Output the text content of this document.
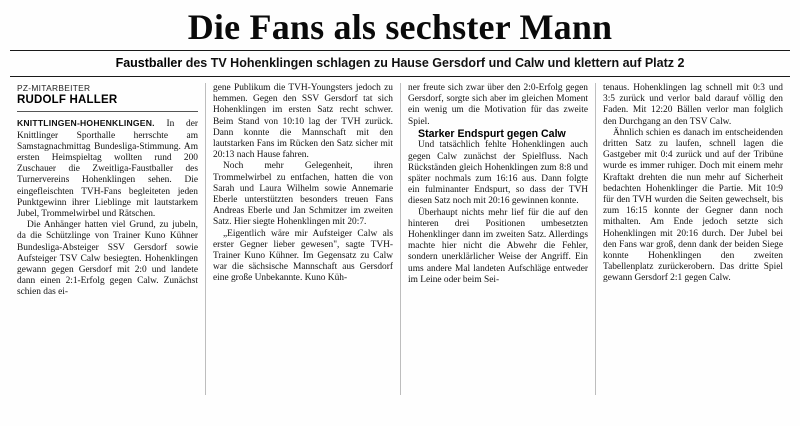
Die Fans als sechster Mann
Faustballer des TV Hohenklingen schlagen zu Hause Gersdorf und Calw und klettern auf Platz 2
PZ-MITARBEITER
RUDOLF HALLER

KNITTLINGEN-HOHENKLINGEN. In der Knittlinger Sporthalle herrschte am Samstagnachmittag Bundesliga-Stimmung. Am ersten Heimspieltag wollten rund 200 Zuschauer die Zweitliga-Faustballer des Turnervereins Hohenklingen sehen. Die eingefleischten TVH-Fans begleiteten jeden Punktgewinn ihrer Lieblinge mit lautstarkem Jubel, Trommelwirbel und Rätschen.

Die Anhänger hatten viel Grund, zu jubeln, da die Schützlinge von Trainer Kuno Kühner Bundesliga-Absteiger SSV Gersdorf sowie Aufsteiger TSV Calw besiegten. Hohenklingen gewann gegen Gersdorf mit 2:0 und landete dann einen 2:1-Erfolg gegen Calw. Zunächst schien das ei-

gene Publikum die TVH-Youngsters jedoch zu hemmen. Gegen den SSV Gersdorf tat sich Hohenklingen im ersten Satz recht schwer. Beim Stand von 10:10 lag der TVH zurück. Dann konnte die Mannschaft mit den lautstarken Fans im Rücken den Satz sicher mit 20:13 nach Hause fahren.

Noch mehr Gelegenheit, ihren Trommelwirbel zu entfachen, hatten die von Sarah und Laura Wilhelm sowie Annemarie Eberle unterstützten besonders treuen Fans Andreas Eberle und Jan Schmitzer im zweiten Satz. Hier siegte Hohenklingen mit 20:7.

„Eigentlich wäre mir Aufsteiger Calw als erster Gegner lieber gewesen", sagte TVH-Trainer Kuno Kühner. Im Gegensatz zu Calw war die sächsische Mannschaft aus Gersdorf eine große Unbekannte. Kuno Küh-

ner freute sich zwar über den 2:0-Erfolg gegen Gersdorf, sorgte sich aber im gleichen Moment ein wenig um die Motivation für das zweite Spiel.

Starker Endspurt gegen Calw

Und tatsächlich fehlte Hohenklingen auch gegen Calw zunächst der Spielfluss. Nach Rückständen gleich Hohenklingen zum 8:8 und später nochmals zum 16:16 aus. Dann folgte ein fulminanter Endspurt, so dass der TVH diesen Satz noch mit 20:16 gewinnen konnte.

Überhaupt nichts mehr lief für die auf den hinteren drei Positionen umbesetzten Hohenklinger dann im zweiten Satz. Allerdings machte hier nicht die Abwehr die Fehler, sondern unerklärlicher Weise der Angriff. Ein ums andere Mal landeten Aufschläge entweder im Leine oder beim Sei-

tenaus. Hohenklingen lag schnell mit 0:3 und 3:5 zurück und verlor bald darauf völlig den Faden. Mit 12:20 Bällen verlor man folglich den Durchgang an den TSV Calw.

Ähnlich schien es danach im entscheidenden dritten Satz zu laufen, schnell lagen die Gastgeber mit 0:4 zurück und auf der Tribüne wurde es immer ruhiger. Doch mit einem mehr Kraftakt drehten die nun mehr auf Sicherheit bedachten Hohenklinger die Partie. Mit 10:9 für den TVH wurden die Seiten gewechselt, bis zum 16:15 konnte der Gegner dann noch mithalten. Am Ende jedoch setzte sich Hohenklingen mit 20:16 durch. Der Jubel bei den Fans war groß, denn dank der beiden Siege konnte Hohenklingen den zweiten Tabellenplatz zurückerobern. Das dritte Spiel gewann Gersdorf 2:1 gegen Calw.
